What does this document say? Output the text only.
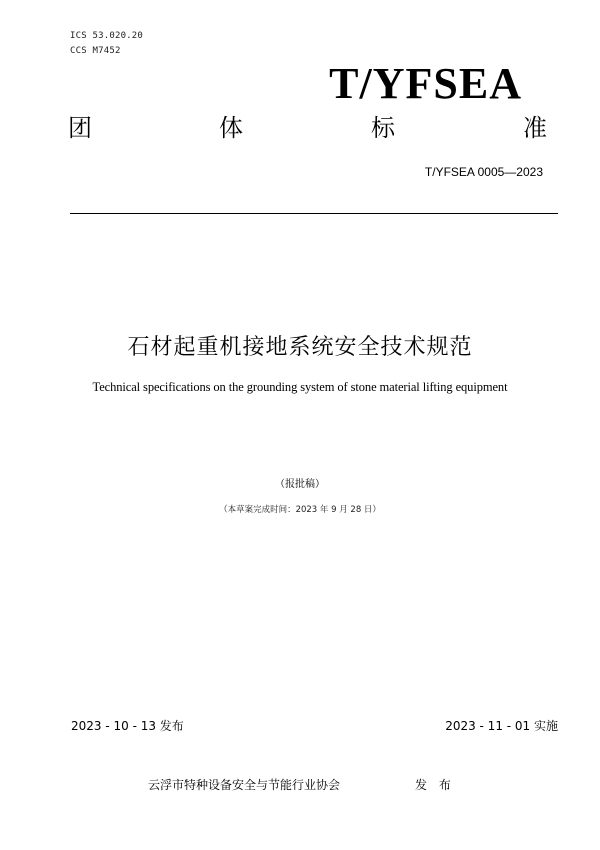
ICS 53.020.20
CCS M7452
T/YFSEA
团	体	标	准
T/YFSEA 0005—2023
石材起重机接地系统安全技术规范
Technical specifications on the grounding system of stone material lifting equipment
（报批稿）
（本草案完成时间：2023 年 9 月 28 日）
2023 - 10 - 13 发布	2023 - 11 - 01 实施
云浮市特种设备安全与节能行业协会	发 布
